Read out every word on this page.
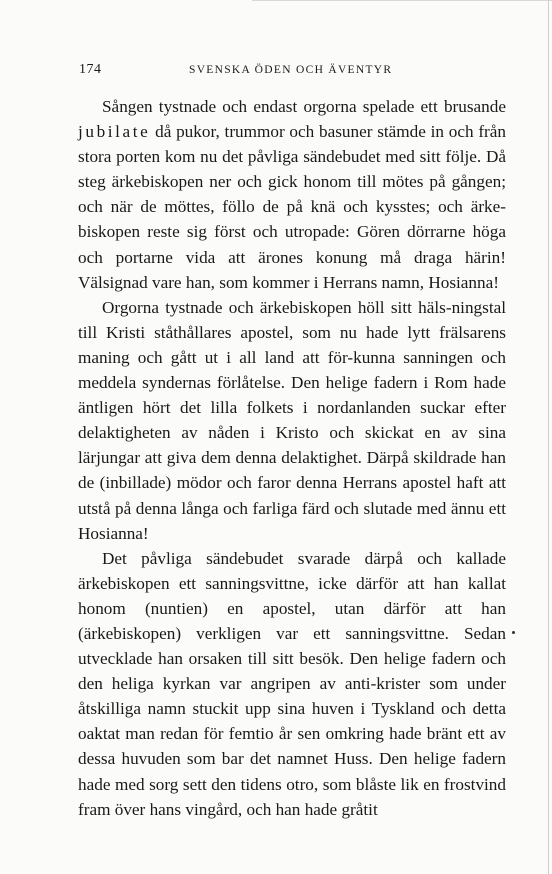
174	SVENSKA ÖDEN OCH ÄVENTYR

Sången tystnade och endast orgorna spelade ett brusande jubilate då pukor, trummor och basuner stämde in och från stora porten kom nu det påvliga sändebudet med sitt följe. Då steg ärkebiskopen ner och gick honom till mötes på gången; och när de möttes, föllo de på knä och kysstes; och ärke-biskopen reste sig först och utropade: Gören dörrarne höga och portarne vida att ärones konung må draga härin! Välsignad vare han, som kommer i Herrans namn, Hosianna!

Orgorna tystnade och ärkebiskopen höll sitt häls-ningstal till Kristi ståthållares apostel, som nu hade lytt frälsarens maning och gått ut i all land att för-kunna sanningen och meddela syndernas förlåtelse. Den helige fadern i Rom hade äntligen hört det lilla folkets i nordanlanden suckar efter delaktigheten av nåden i Kristo och skickat en av sina lärjungar att giva dem denna delaktighet. Därpå skildrade han de (inbillade) mödor och faror denna Herrans apostel haft att utstå på denna långa och farliga färd och slutade med ännu ett Hosianna!

Det påvliga sändebudet svarade därpå och kallade ärkebiskopen ett sanningsvittne, icke därför att han kallat honom (nuntien) en apostel, utan därför att han (ärkebiskopen) verkligen var ett sanningsvittne. Sedan utvecklade han orsaken till sitt besök. Den helige fadern och den heliga kyrkan var angripen av anti-krister som under åtskilliga namn stuckit upp sina huven i Tyskland och detta oaktat man redan för femtio år sen omkring hade bränt ett av dessa huvuden som bar det namnet Huss. Den helige fadern hade med sorg sett den tidens otro, som blåste lik en frostvind fram över hans vingård, och han hade gråtit
